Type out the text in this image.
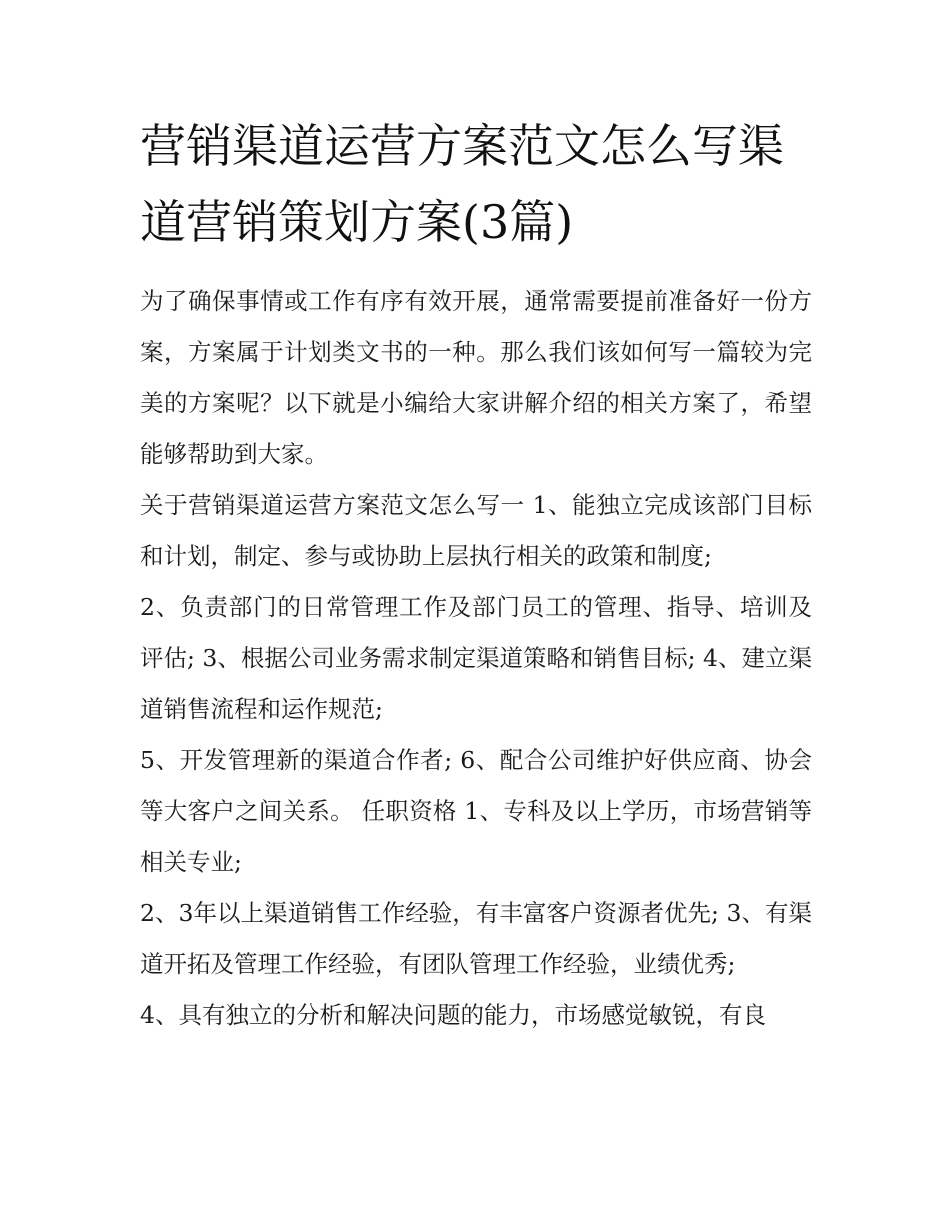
营销渠道运营方案范文怎么写渠道营销策划方案(3篇)

为了确保事情或工作有序有效开展，通常需要提前准备好一份方案，方案属于计划类文书的一种。那么我们该如何写一篇较为完美的方案呢？以下就是小编给大家讲解介绍的相关方案了，希望能够帮助到大家。

关于营销渠道运营方案范文怎么写一 1、能独立完成该部门目标和计划，制定、参与或协助上层执行相关的政策和制度;

2、负责部门的日常管理工作及部门员工的管理、指导、培训及评估; 3、根据公司业务需求制定渠道策略和销售目标; 4、建立渠道销售流程和运作规范;

5、开发管理新的渠道合作者; 6、配合公司维护好供应商、协会等大客户之间关系。 任职资格 1、专科及以上学历，市场营销等相关专业;

2、3年以上渠道销售工作经验，有丰富客户资源者优先; 3、有渠道开拓及管理工作经验，有团队管理工作经验，业绩优秀;

4、具有独立的分析和解决问题的能力，市场感觉敏锐，有良
